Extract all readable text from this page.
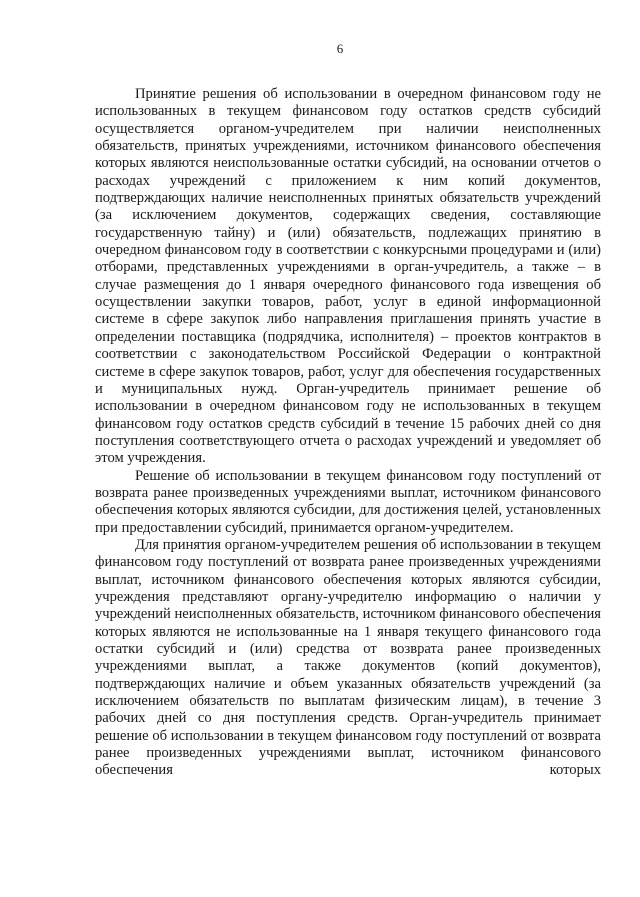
6

Принятие решения об использовании в очередном финансовом году не использованных в текущем финансовом году остатков средств субсидий осуществляется органом-учредителем при наличии неисполненных обязательств, принятых учреждениями, источником финансового обеспечения которых являются неиспользованные остатки субсидий, на основании отчетов о расходах учреждений с приложением к ним копий документов, подтверждающих наличие неисполненных принятых обязательств учреждений (за исключением документов, содержащих сведения, составляющие государственную тайну) и (или) обязательств, подлежащих принятию в очередном финансовом году в соответствии с конкурсными процедурами и (или) отборами, представленных учреждениями в орган-учредитель, а также – в случае размещения до 1 января очередного финансового года извещения об осуществлении закупки товаров, работ, услуг в единой информационной системе в сфере закупок либо направления приглашения принять участие в определении поставщика (подрядчика, исполнителя) – проектов контрактов в соответствии с законодательством Российской Федерации о контрактной системе в сфере закупок товаров, работ, услуг для обеспечения государственных и муниципальных нужд. Орган-учредитель принимает решение об использовании в очередном финансовом году не использованных в текущем финансовом году остатков средств субсидий в течение 15 рабочих дней со дня поступления соответствующего отчета о расходах учреждений и уведомляет об этом учреждения.

Решение об использовании в текущем финансовом году поступлений от возврата ранее произведенных учреждениями выплат, источником финансового обеспечения которых являются субсидии, для достижения целей, установленных при предоставлении субсидий, принимается органом-учредителем.

Для принятия органом-учредителем решения об использовании в текущем финансовом году поступлений от возврата ранее произведенных учреждениями выплат, источником финансового обеспечения которых являются субсидии, учреждения представляют органу-учредителю информацию о наличии у учреждений неисполненных обязательств, источником финансового обеспечения которых являются не использованные на 1 января текущего финансового года остатки субсидий и (или) средства от возврата ранее произведенных учреждениями выплат, а также документов (копий документов), подтверждающих наличие и объем указанных обязательств учреждений (за исключением обязательств по выплатам физическим лицам), в течение 3 рабочих дней со дня поступления средств. Орган-учредитель принимает решение об использовании в текущем финансовом году поступлений от возврата ранее произведенных учреждениями выплат, источником финансового обеспечения которых
